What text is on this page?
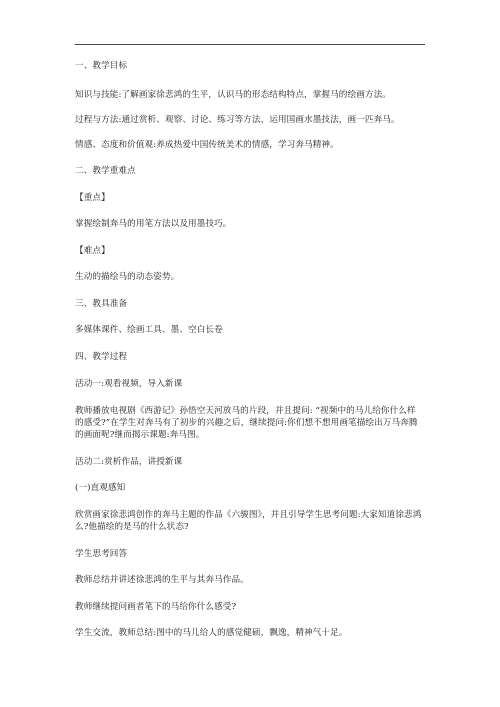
一、教学目标
知识与技能:了解画家徐悲鸿的生平，认识马的形态结构特点，掌握马的绘画方法。
过程与方法:通过赏析、观察、讨论、练习等方法，运用国画水墨技法，画一匹奔马。
情感、态度和价值观:养成热爱中国传统美术的情感，学习奔马精神。
二、教学重难点
【重点】
掌握绘制奔马的用笔方法以及用墨技巧。
【难点】
生动的描绘马的动态姿势。
三、教具准备
多媒体课件、绘画工具、墨、空白长卷
四、教学过程
活动一:观看视频，导入新课
教师播放电视剧《西游记》孙悟空天河放马的片段，并且提问: “视频中的马儿给你什么样
的感受?”在学生对奔马有了初步的兴趣之后，继续提问:你们想不想用画笔描绘出万马奔腾
的画面呢?继而揭示课题:奔马图。
活动二:赏析作品，讲授新课
(一)直观感知
欣赏画家徐悲鸿创作的奔马主题的作品《六骏图》，并且引导学生思考问题:大家知道徐悲鸿
么?他描绘的是马的什么状态?
学生思考回答
教师总结并讲述徐悲鸿的生平与其奔马作品。
教师继续提问画者笔下的马给你什么感受?
学生交流，教师总结:图中的马儿给人的感觉健硕，飘逸，精神气十足。
